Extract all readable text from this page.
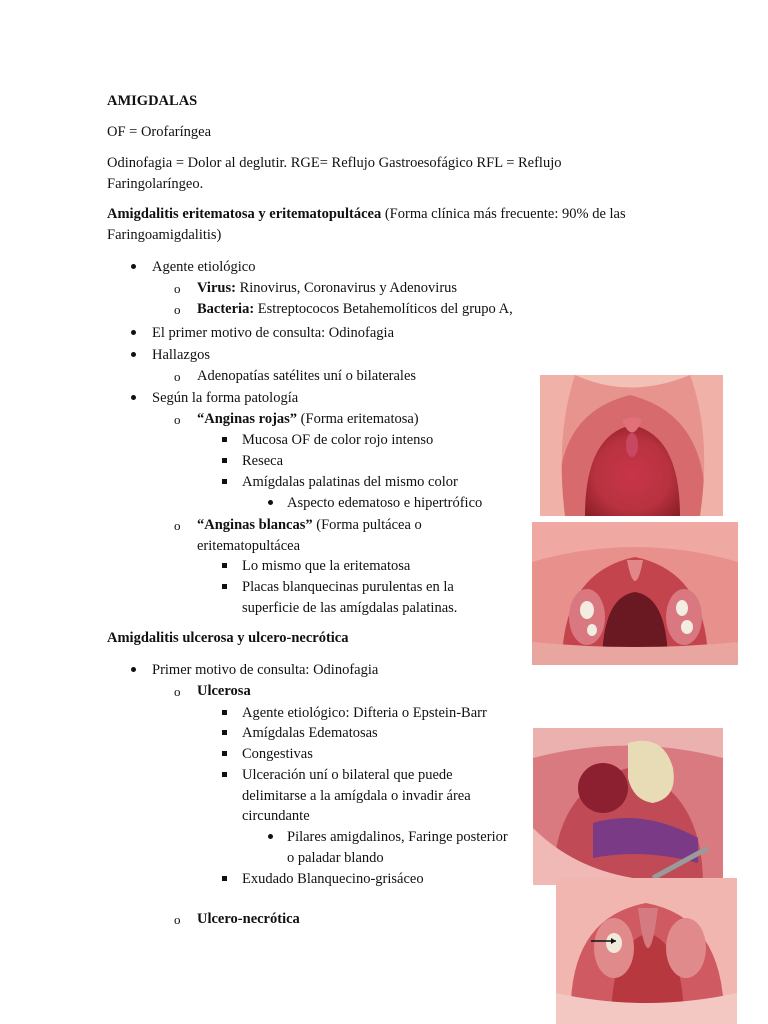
AMIGDALAS
OF = Orofaríngea
Odinofagia = Dolor al deglutir. RGE= Reflujo Gastroesofágico RFL = Reflujo
Faringolaríngeo.
Amigdalitis eritematosa y eritematopultácea (Forma clínica más frecuente: 90% de las
Faringoamigdalitis)
Agente etiológico
o Virus: Rinovirus, Coronavirus y Adenovirus
o Bacteria: Estreptococos Betahemolíticos del grupo A,
El primer motivo de consulta: Odinofagia
Hallazgos
o Adenopatías satélites uní o bilaterales
Según la forma patología
o “Anginas rojas” (Forma eritematosa)
Mucosa OF de color rojo intenso
Reseca
Amígdalas palatinas del mismo color
Aspecto edematoso e hipertrófico
o “Anginas blancas” (Forma pultácea o
eritematopultácea
Lo mismo que la eritematosa
Placas blanquecinas purulentas en la
superficie de las amígdalas palatinas.
Amigdalitis ulcerosa y ulcero-necrótica
Primer motivo de consulta: Odinofagia
o Ulcerosa
Agente etiológico: Difteria o Epstein-Barr
Amígdalas Edematosas
Congestivas
Ulceración uní o bilateral que puede
delimitarse a la amígdala o invadir área
circundante
Pilares amigdalinos, Faringe posterior
o paladar blando
Exudado Blanquecino-grisáceo
o Ulcero-necrótica
